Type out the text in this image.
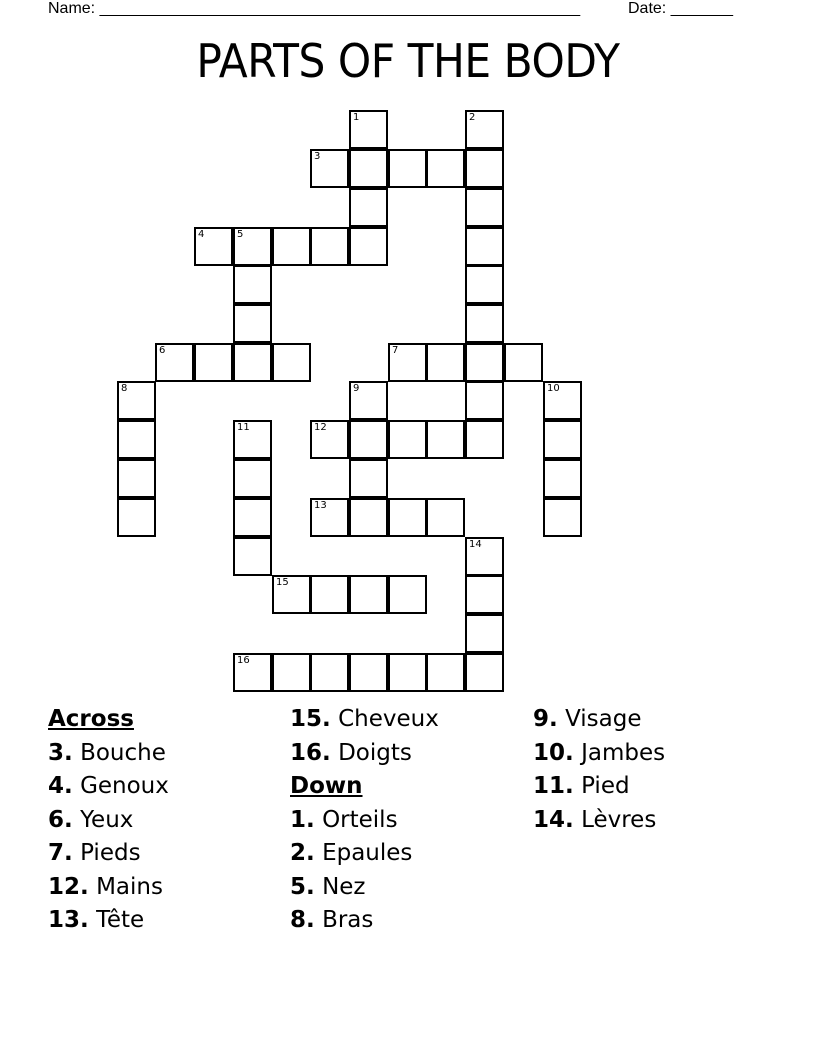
Name: ______________________________________________________	Date: _______
PARTS OF THE BODY
1	2
3
4	5
6	7
8	9	10
11	12
13
14
15
16
Across
3. Bouche
4. Genoux
6. Yeux
7. Pieds
12. Mains
13. Tête
15. Cheveux
16. Doigts
Down
1. Orteils
2. Epaules
5. Nez
8. Bras
9. Visage
10. Jambes
11. Pied
14. Lèvres
